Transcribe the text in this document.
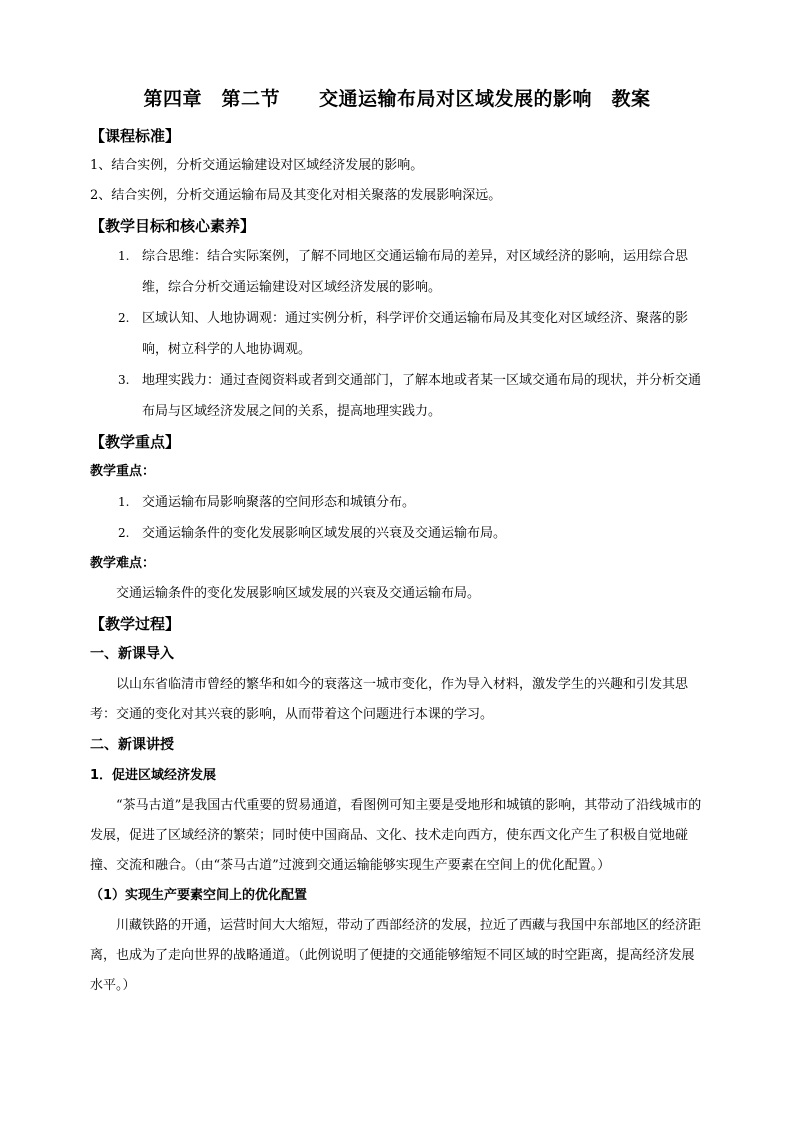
第四章　第二节　　交通运输布局对区域发展的影响　教案

【课程标准】

1、结合实例，分析交通运输建设对区域经济发展的影响。

2、结合实例，分析交通运输布局及其变化对相关聚落的发展影响深远。

【教学目标和核心素养】

1. 综合思维：结合实际案例，了解不同地区交通运输布局的差异，对区域经济的影响，运用综合思维，综合分析交通运输建设对区域经济发展的影响。
2. 区域认知、人地协调观：通过实例分析，科学评价交通运输布局及其变化对区域经济、聚落的影响，树立科学的人地协调观。
3. 地理实践力：通过查阅资料或者到交通部门，了解本地或者某一区域交通布局的现状，并分析交通布局与区域经济发展之间的关系，提高地理实践力。

【教学重点】

教学重点：

1. 交通运输布局影响聚落的空间形态和城镇分布。
2. 交通运输条件的变化发展影响区域发展的兴衰及交通运输布局。

教学难点：

交通运输条件的变化发展影响区域发展的兴衰及交通运输布局。

【教学过程】

一、新课导入

以山东省临清市曾经的繁华和如今的衰落这一城市变化，作为导入材料，激发学生的兴趣和引发其思考：交通的变化对其兴衰的影响，从而带着这个问题进行本课的学习。

二、新课讲授

1．促进区域经济发展

“茶马古道”是我国古代重要的贸易通道，看图例可知主要是受地形和城镇的影响，其带动了沿线城市的发展，促进了区域经济的繁荣；同时使中国商品、文化、技术走向西方，使东西文化产生了积极自觉地碰撞、交流和融合。（由“茶马古道”过渡到交通运输能够实现生产要素在空间上的优化配置。）

（1）实现生产要素空间上的优化配置

川藏铁路的开通，运营时间大大缩短，带动了西部经济的发展，拉近了西藏与我国中东部地区的经济距离，也成为了走向世界的战略通道。（此例说明了便捷的交通能够缩短不同区域的时空距离，提高经济发展水平。）
